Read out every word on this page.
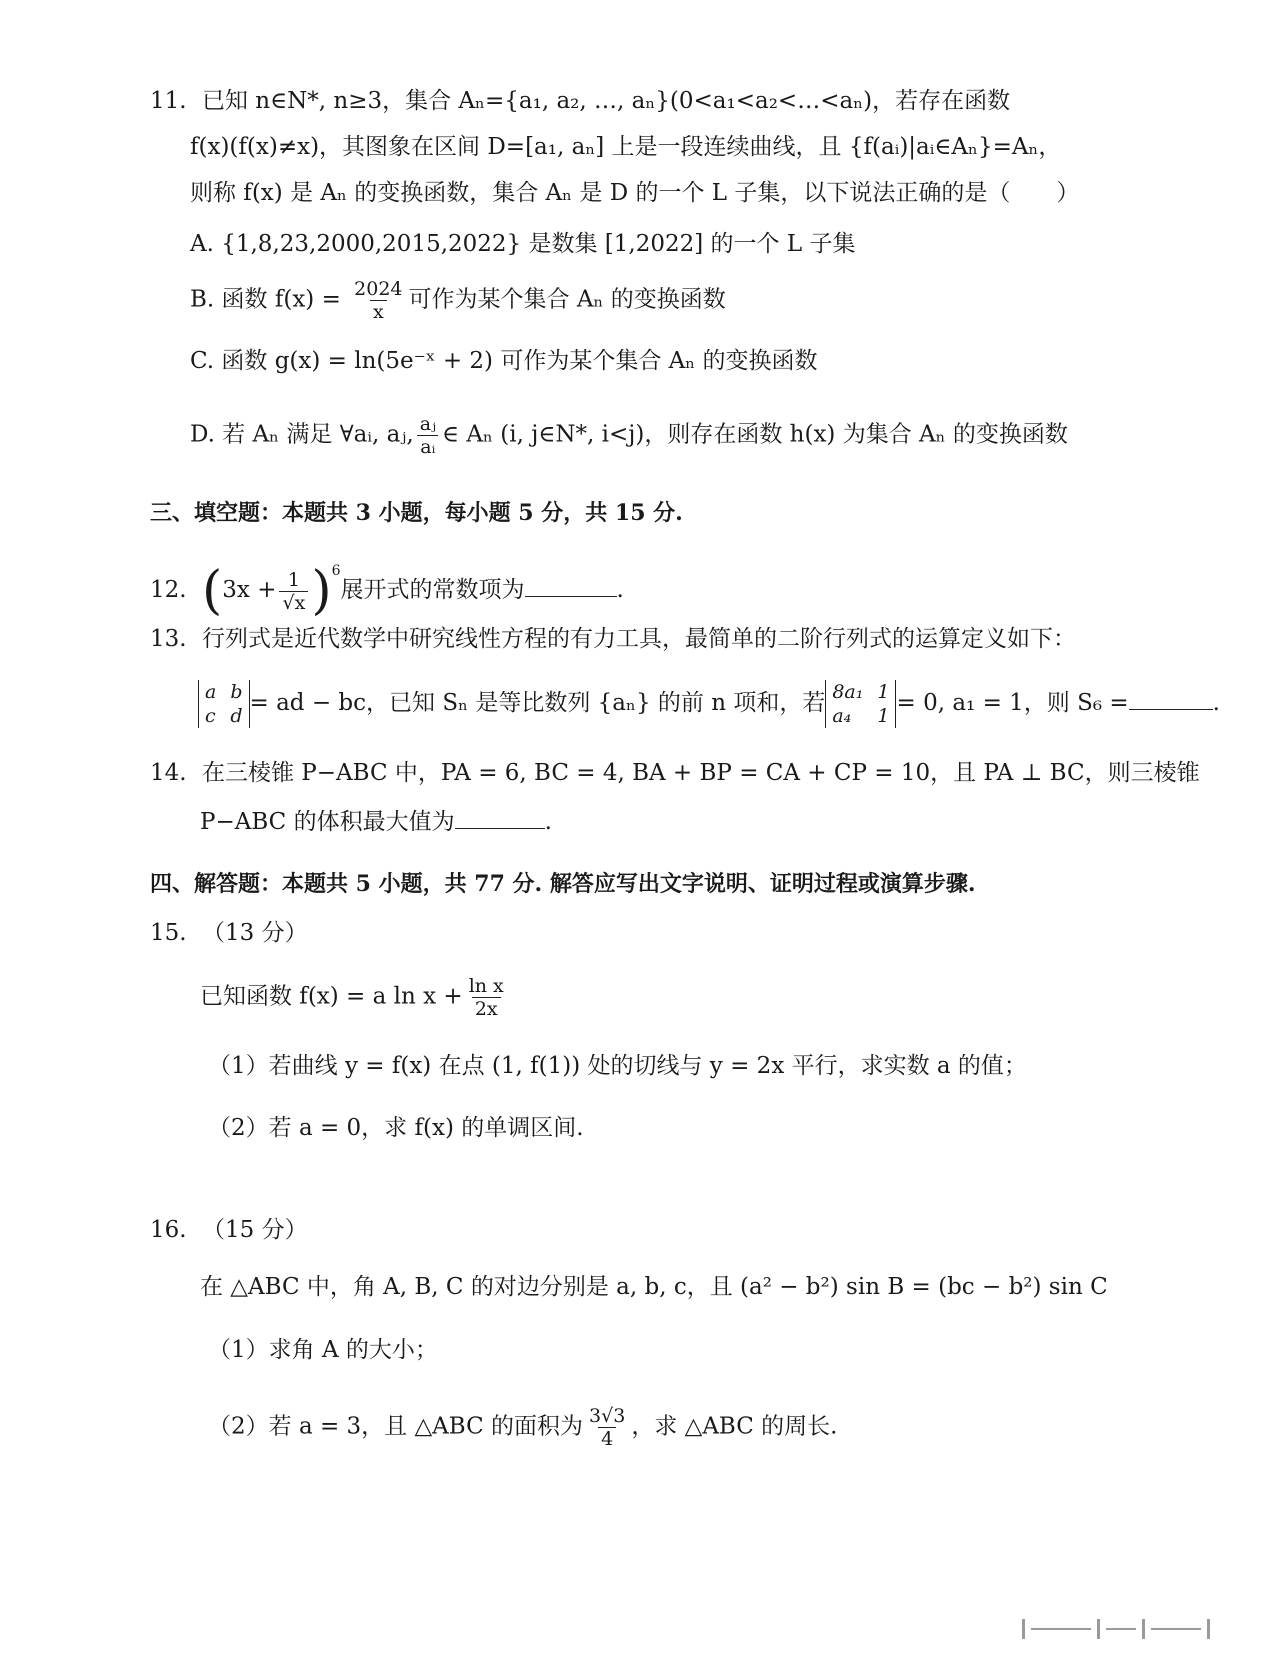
11. 已知 n∈N*, n≥3，集合 Aₙ={a₁, a₂, …, aₙ}(0<a₁<a₂<…<aₙ)，若存在函数
f(x)(f(x)≠x)，其图象在区间 D=[a₁, aₙ] 上是一段连续曲线，且 {f(aᵢ)|aᵢ∈Aₙ}=Aₙ，
则称 f(x) 是 Aₙ 的变换函数，集合 Aₙ 是 D 的一个 L 子集，以下说法正确的是（　　）
A. {1,8,23,2000,2015,2022} 是数集 [1,2022] 的一个 L 子集
B. 函数 $f(x) = \frac{2024}{x}$ 可作为某个集合 Aₙ 的变换函数
C. 函数 g(x) = ln(5e⁻ˣ + 2) 可作为某个集合 Aₙ 的变换函数
D. 若 Aₙ 满足 ∀aᵢ, aⱼ, $\frac{\text{aⱼ}}{\text{aᵢ}}$ ∈ Aₙ (i, j∈N*, i<j)，则存在函数 h(x) 为集合 Aₙ 的变换函数
三、填空题：本题共 3 小题，每小题 5 分，共 15 分.
12. $(3x + \frac{1}{√x} )^6$展开式的常数项为	.
13. 行列式是近代数学中研究线性方程的有力工具，最简单的二阶行列式的运算定义如下：
a b
c d = ad − bc，已知 Sₙ 是等比数列 {aₙ} 的前 n 项和，若 8a₁ 1
a₄	1 = 0, a₁ = 1，则 S₆ =	.
14. 在三棱锥 P−ABC 中，PA = 6, BC = 4, BA + BP = CA + CP = 10，且 PA ⊥ BC，则三棱锥
P−ABC 的体积最大值为	.
四、解答题：本题共 5 小题，共 77 分. 解答应写出文字说明、证明过程或演算步骤.
15. （13 分）
已知函数 f(x) = a $\ln x + \frac{\text{ln x}}{2x}$
（1）若曲线 y = f(x) 在点 (1, f(1)) 处的切线与 y = 2x 平行，求实数 a 的值；
（2）若 a = 0，求 f(x) 的单调区间.
16. （15 分）
在 △ABC 中，角 A, B, C 的对边分别是 a, b, c，且 (a² − b²) sin B = (bc − b²) sin C
（1）求角 A 的大小；
（2）若 a = 3，且 △ABC 的面积为 $\frac{3√3}{4}$ ，求 △ABC 的周长.
